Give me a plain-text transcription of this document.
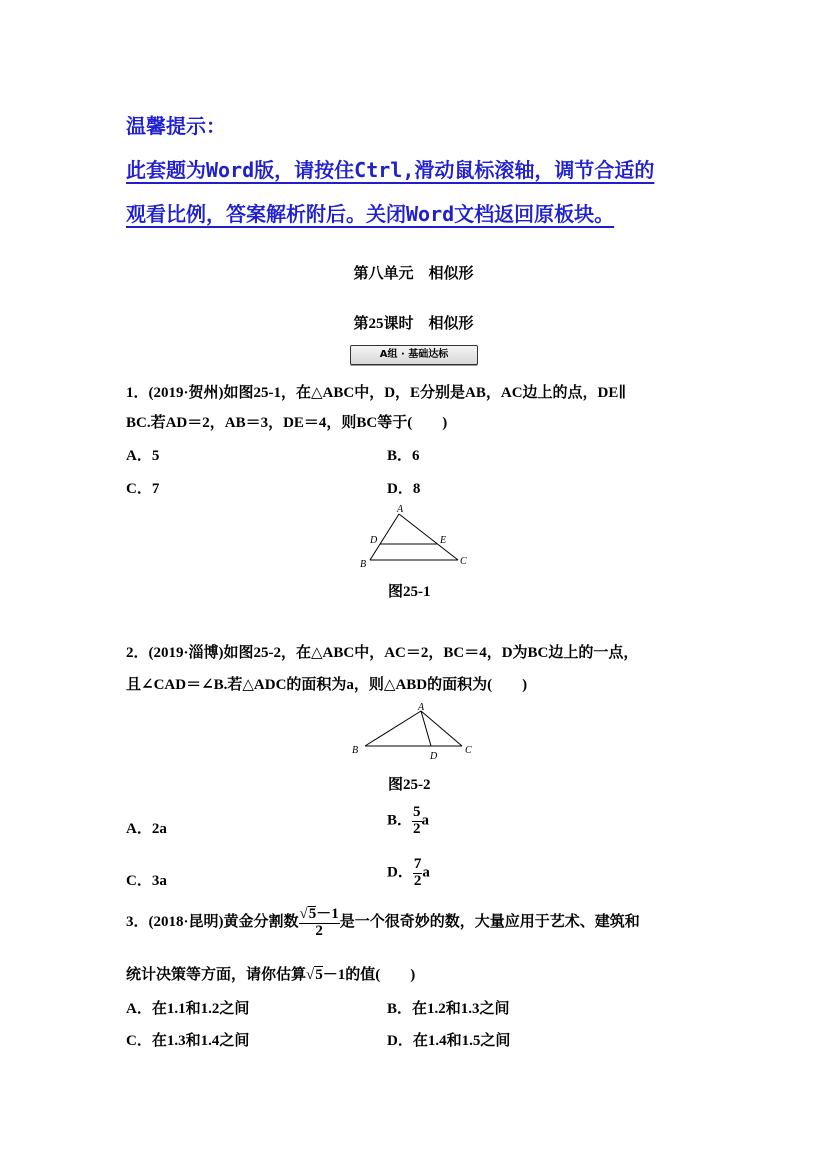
温馨提示：
此套题为Word版，请按住Ctrl,滑动鼠标滚轴，调节合适的
观看比例，答案解析附后。关闭Word文档返回原板块。
第八单元　相似形
第25课时　相似形
A组 · 基础达标
1．(2019·贺州)如图25-1，在△ABC中，D，E分别是AB，AC边上的点，DE∥
BC.若AD＝2，AB＝3，DE＝4，则BC等于(　　)
A．5	B．6
C．7	D．8
A
B	C
D	E
图25-1
2．(2019·淄博)如图25-2，在△ABC中，AC＝2，BC＝4，D为BC边上的一点，
且∠CAD＝∠B.若△ADC的面积为a，则△ABD的面积为(　　)
A
B	C
D
图25-2
A．2a
B． $\frac{5}{2}$ a
C．3a
D． $\frac{7}{2}$ a
3．(2018·昆明)黄金分割数 $\frac{√5-1}{2}$ 是一个很奇妙的数，大量应用于艺术、建筑和
统计决策等方面，请你估算√5－1的值(　　)
A．在1.1和1.2之间	B．在1.2和1.3之间
C．在1.3和1.4之间	D．在1.4和1.5之间
